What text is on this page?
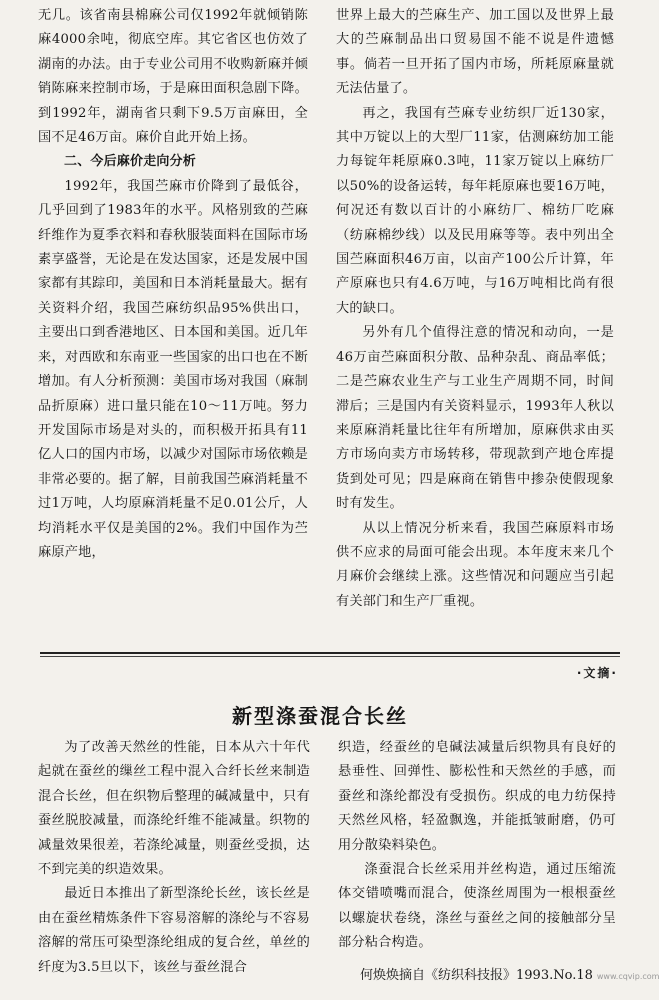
无几。该省南县棉麻公司仅1992年就倾销陈麻4000余吨，彻底空库。其它省区也仿效了湖南的办法。由于专业公司用不收购新麻并倾销陈麻来控制市场，于是麻田面积急剧下降。到1992年，湖南省只剩下9.5万亩麻田，全国不足46万亩。麻价自此开始上扬。

二、今后麻价走向分析

1992年，我国苎麻市价降到了最低谷，几乎回到了1983年的水平。风格别致的苎麻纤维作为夏季衣料和春秋服装面料在国际市场素享盛誉，无论是在发达国家，还是发展中国家都有其踪印，美国和日本消耗量最大。据有关资料介绍，我国苎麻纺织品95%供出口，主要出口到香港地区、日本国和美国。近几年来，对西欧和东南亚一些国家的出口也在不断增加。有人分析预测：美国市场对我国（麻制品折原麻）进口量只能在10～11万吨。努力开发国际市场是对头的，而积极开拓具有11亿人口的国内市场，以减少对国际市场依赖是非常必要的。据了解，目前我国苎麻消耗量不过1万吨，人均原麻消耗量不足0.01公斤，人均消耗水平仅是美国的2%。我们中国作为苎麻原产地，

世界上最大的苎麻生产、加工国以及世界上最大的苎麻制品出口贸易国不能不说是件遗憾事。倘若一旦开拓了国内市场，所耗原麻量就无法估量了。

再之，我国有苎麻专业纺织厂近130家，其中万锭以上的大型厂11家，估测麻纺加工能力每锭年耗原麻0.3吨，11家万锭以上麻纺厂以50%的设备运转，每年耗原麻也要16万吨，何况还有数以百计的小麻纺厂、棉纺厂吃麻（纺麻棉纱线）以及民用麻等等。表中列出全国苎麻面积46万亩，以亩产100公斤计算，年产原麻也只有4.6万吨，与16万吨相比尚有很大的缺口。

另外有几个值得注意的情况和动向，一是46万亩苎麻面积分散、品种杂乱、商品率低；二是苎麻农业生产与工业生产周期不同，时间滞后；三是国内有关资料显示，1993年人秋以来原麻消耗量比往年有所增加，原麻供求由买方市场向卖方市场转移，带现款到产地仓库提货到处可见；四是麻商在销售中掺杂使假现象时有发生。

从以上情况分析来看，我国苎麻原料市场供不应求的局面可能会出现。本年度末来几个月麻价会继续上涨。这些情况和问题应当引起有关部门和生产厂重视。

·文摘·
新型涤蚕混合长丝

为了改善天然丝的性能，日本从六十年代起就在蚕丝的缫丝工程中混入合纤长丝来制造混合长丝，但在织物后整理的碱减量中，只有蚕丝脱胶减量，而涤纶纤维不能减量。织物的减量效果很差，若涤纶减量，则蚕丝受损，达不到完美的织造效果。

最近日本推出了新型涤纶长丝，该长丝是由在蚕丝精炼条件下容易溶解的涤纶与不容易溶解的常压可染型涤纶组成的复合丝，单丝的纤度为3.5旦以下，该丝与蚕丝混合

织造，经蚕丝的皂碱法减量后织物具有良好的悬垂性、回弹性、膨松性和天然丝的手感，而蚕丝和涤纶都没有受损伤。织成的电力纺保持天然丝风格，轻盈飘逸，并能抵皱耐磨，仍可用分散染料染色。

涤蚕混合长丝采用并丝构造，通过压缩流体交错喷嘴而混合，使涤丝周围为一根根蚕丝以螺旋状卷绕，涤丝与蚕丝之间的接触部分呈部分粘合构造。

何焕焕摘自《纺织科技报》1993.No.18 www.cqvip.com
